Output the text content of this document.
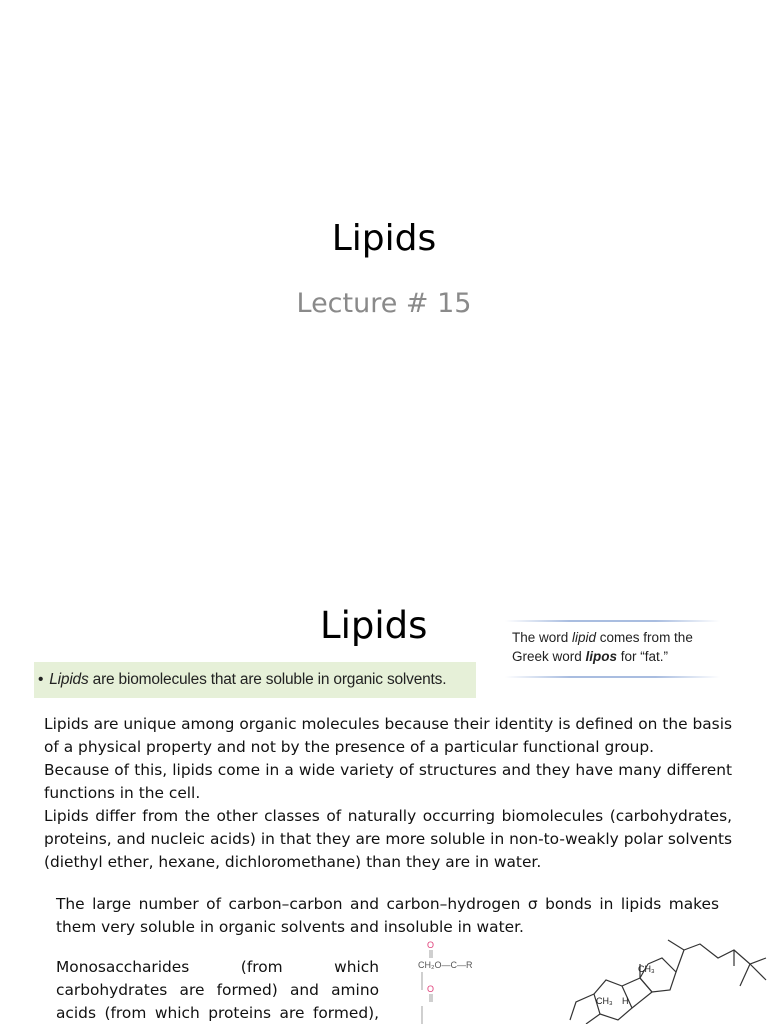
Lipids
Lecture # 15
Lipids	The word lipid comes from the Greek word lipos for “fat.”
• Lipids are biomolecules that are soluble in organic solvents.

Lipids are unique among organic molecules because their identity is defined on the basis of a physical property and not by the presence of a particular functional group.

Because of this, lipids come in a wide variety of structures and they have many different functions in the cell.

Lipids differ from the other classes of naturally occurring biomolecules (carbohydrates, proteins, and nucleic acids) in that they are more soluble in non-to-weakly polar solvents (diethyl ether, hexane, dichloromethane) than they are in water.

The large number of carbon–carbon and carbon–hydrogen σ bonds in lipids makes them very soluble in organic solvents and insoluble in water.
Monosaccharides (from which carbohydrates are formed) and amino acids (from which proteins are formed),
O
CH₂O—C—R
O
CH₃
CH₃ H
